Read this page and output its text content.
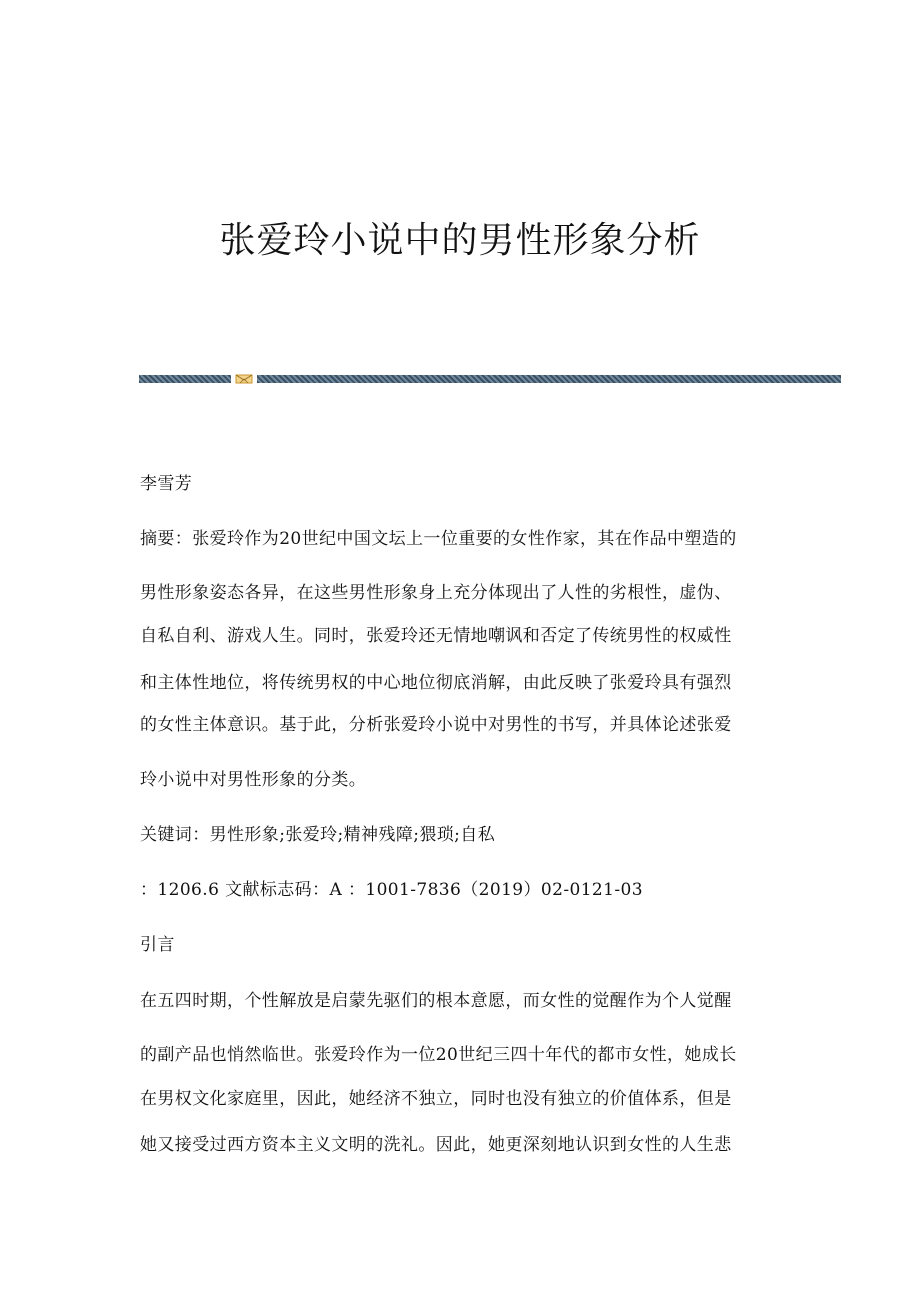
张爱玲小说中的男性形象分析
李雪芳
摘要：张爱玲作为20世纪中国文坛上一位重要的女性作家，其在作品中塑造的
男性形象姿态各异，在这些男性形象身上充分体现出了人性的劣根性，虚伪、
自私自利、游戏人生。同时，张爱玲还无情地嘲讽和否定了传统男性的权威性
和主体性地位，将传统男权的中心地位彻底消解，由此反映了张爱玲具有强烈
的女性主体意识。基于此，分析张爱玲小说中对男性的书写，并具体论述张爱
玲小说中对男性形象的分类。
关键词：男性形象;张爱玲;精神残障;猥琐;自私
：1206.6 文献标志码：A ：1001-7836（2019）02-0121-03
引言
在五四时期，个性解放是启蒙先驱们的根本意愿，而女性的觉醒作为个人觉醒
的副产品也悄然临世。张爱玲作为一位20世纪三四十年代的都市女性，她成长
在男权文化家庭里，因此，她经济不独立，同时也没有独立的价值体系，但是
她又接受过西方资本主义文明的洗礼。因此，她更深刻地认识到女性的人生悲
